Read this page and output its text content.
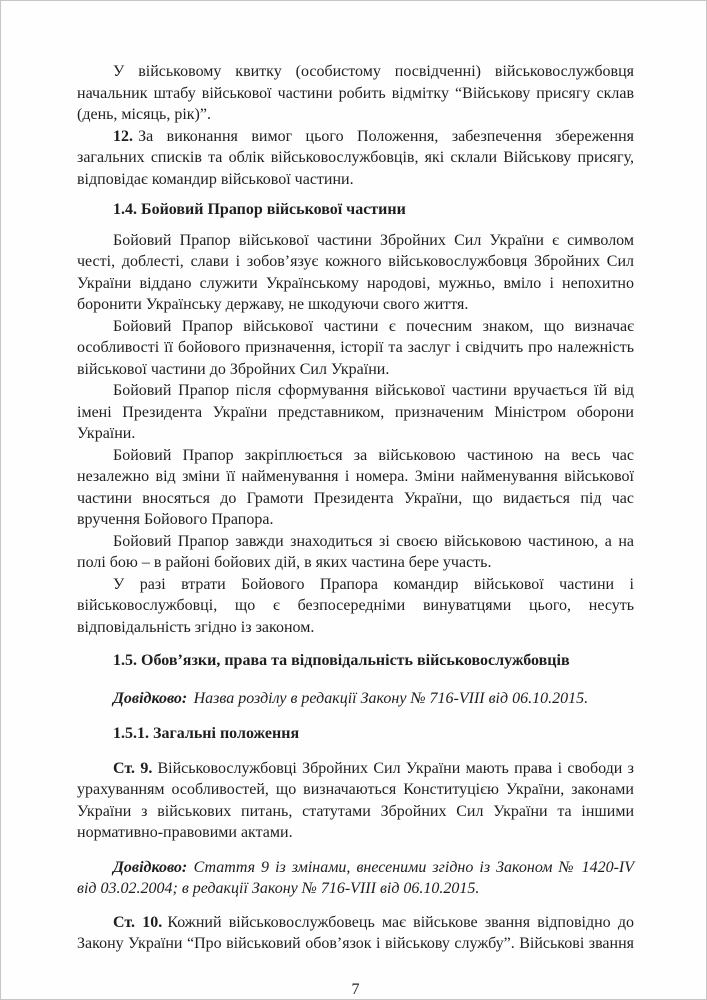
У військовому квитку (особистому посвідченні) військовослужбовця начальник штабу військової частини робить відмітку “Військову присягу склав (день, місяць, рік)”.

12. За виконання вимог цього Положення, забезпечення збереження загальних списків та облік військовослужбовців, які склали Військову присягу, відповідає командир військової частини.

1.4. Бойовий Прапор військової частини

Бойовий Прапор військової частини Збройних Сил України є символом честі, доблесті, слави і зобов’язує кожного військовослужбовця Збройних Сил України віддано служити Українському народові, мужньо, вміло і непохитно боронити Українську державу, не шкодуючи свого життя.

Бойовий Прапор військової частини є почесним знаком, що визначає особливості її бойового призначення, історії та заслуг і свідчить про належність військової частини до Збройних Сил України.

Бойовий Прапор після сформування військової частини вручається їй від імені Президента України представником, призначеним Міністром оборони України.

Бойовий Прапор закріплюється за військовою частиною на весь час незалежно від зміни її найменування і номера. Зміни найменування військової частини вносяться до Грамоти Президента України, що видається під час вручення Бойового Прапора.

Бойовий Прапор завжди знаходиться зі своєю військовою частиною, а на полі бою – в районі бойових дій, в яких частина бере участь.

У разі втрати Бойового Прапора командир військової частини і військовослужбовці, що є безпосередніми винуватцями цього, несуть відповідальність згідно із законом.

1.5. Обов’язки, права та відповідальність військовослужбовців

Довідково: Назва розділу в редакції Закону № 716-VIII від 06.10.2015.

1.5.1. Загальні положення

Ст. 9. Військовослужбовці Збройних Сил України мають права і свободи з урахуванням особливостей, що визначаються Конституцією України, законами України з військових питань, статутами Збройних Сил України та іншими нормативно-правовими актами.

Довідково: Стаття 9 із змінами, внесеними згідно із Законом № 1420-IV від 03.02.2004; в редакції Закону № 716-VIII від 06.10.2015.

Ст. 10. Кожний військовослужбовець має військове звання відповідно до Закону України “Про військовий обов’язок і військову службу”. Військові звання

7
